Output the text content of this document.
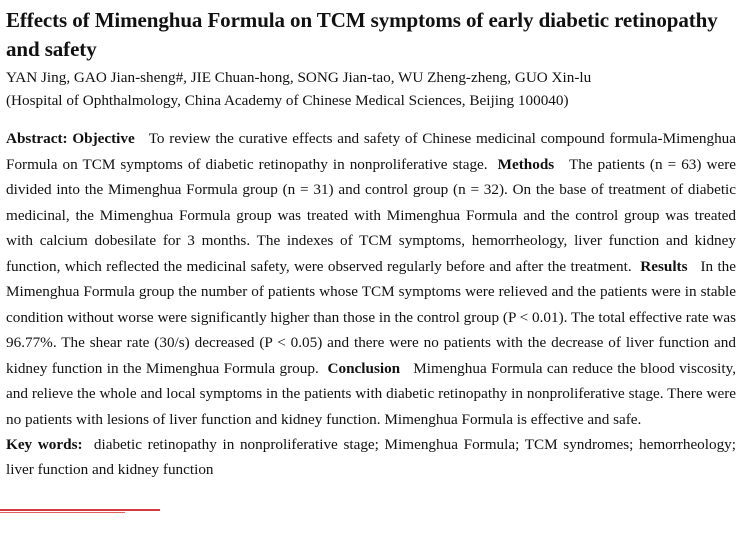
Effects of Mimenghua Formula on TCM symptoms of early diabetic retinopathy and safety
YAN Jing, GAO Jian-sheng#, JIE Chuan-hong, SONG Jian-tao, WU Zheng-zheng, GUO Xin-lu
(Hospital of Ophthalmology, China Academy of Chinese Medical Sciences, Beijing 100040)
Abstract: Objective To review the curative effects and safety of Chinese medicinal compound formula-Mimenghua Formula on TCM symptoms of diabetic retinopathy in nonproliferative stage. Methods The patients (n = 63) were divided into the Mimenghua Formula group (n = 31) and control group (n = 32). On the base of treatment of diabetic medicinal, the Mimenghua Formula group was treated with Mimenghua Formula and the control group was treated with calcium dobesilate for 3 months. The indexes of TCM symptoms, hemorrheology, liver function and kidney function, which reflected the medicinal safety, were observed regularly before and after the treatment. Results In the Mimenghua Formula group the number of patients whose TCM symptoms were relieved and the patients were in stable condition without worse were significantly higher than those in the control group (P < 0.01). The total effective rate was 96.77%. The shear rate (30/s) decreased (P < 0.05) and there were no patients with the decrease of liver function and kidney function in the Mimenghua Formula group. Conclusion Mimenghua Formula can reduce the blood viscosity, and relieve the whole and local symptoms in the patients with diabetic retinopathy in nonproliferative stage. There were no patients with lesions of liver function and kidney function. Mimenghua Formula is effective and safe.
Key words: diabetic retinopathy in nonproliferative stage; Mimenghua Formula; TCM syndromes; hemorrheology; liver function and kidney function
